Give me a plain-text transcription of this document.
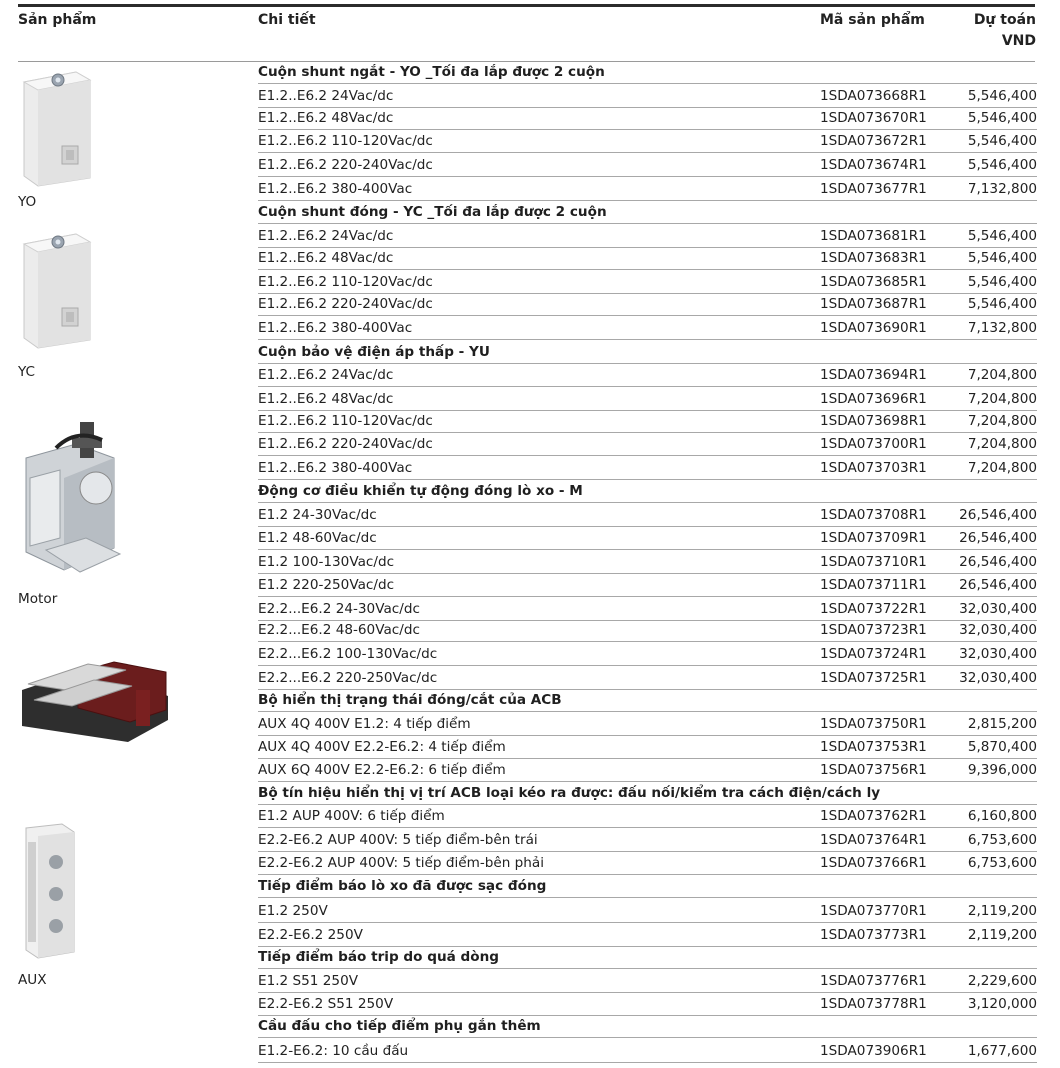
Sản phẩm	Chi tiết	Mã sản phẩm	Dự toán
VND
Cuộn shunt ngắt - YO _Tối đa lắp được 2 cuộn
E1.2..E6.2 24Vac/dc	1SDA073668R1	5,546,400
E1.2..E6.2 48Vac/dc	1SDA073670R1	5,546,400
E1.2..E6.2 110-120Vac/dc	1SDA073672R1	5,546,400
E1.2..E6.2 220-240Vac/dc	1SDA073674R1	5,546,400
E1.2..E6.2 380-400Vac	1SDA073677R1	7,132,800
Cuộn shunt đóng - YC _Tối đa lắp được 2 cuộn
E1.2..E6.2 24Vac/dc	1SDA073681R1	5,546,400
E1.2..E6.2 48Vac/dc	1SDA073683R1	5,546,400
E1.2..E6.2 110-120Vac/dc	1SDA073685R1	5,546,400
E1.2..E6.2 220-240Vac/dc	1SDA073687R1	5,546,400
E1.2..E6.2 380-400Vac	1SDA073690R1	7,132,800
Cuộn bảo vệ điện áp thấp - YU
E1.2..E6.2 24Vac/dc	1SDA073694R1	7,204,800
E1.2..E6.2 48Vac/dc	1SDA073696R1	7,204,800
E1.2..E6.2 110-120Vac/dc	1SDA073698R1	7,204,800
E1.2..E6.2 220-240Vac/dc	1SDA073700R1	7,204,800
E1.2..E6.2 380-400Vac	1SDA073703R1	7,204,800
Động cơ điều khiển tự động đóng lò xo - M
E1.2 24-30Vac/dc	1SDA073708R1 26,546,400
E1.2 48-60Vac/dc	1SDA073709R1 26,546,400
E1.2 100-130Vac/dc	1SDA073710R1 26,546,400
E1.2 220-250Vac/dc	1SDA073711R1 26,546,400
E2.2...E6.2 24-30Vac/dc	1SDA073722R1 32,030,400
E2.2...E6.2 48-60Vac/dc	1SDA073723R1 32,030,400
E2.2...E6.2 100-130Vac/dc	1SDA073724R1 32,030,400
E2.2...E6.2 220-250Vac/dc	1SDA073725R1 32,030,400
Bộ hiển thị trạng thái đóng/cắt của ACB
AUX 4Q 400V E1.2: 4 tiếp điểm	1SDA073750R1	2,815,200
AUX 4Q 400V E2.2-E6.2: 4 tiếp điểm	1SDA073753R1	5,870,400
AUX 6Q 400V E2.2-E6.2: 6 tiếp điểm	1SDA073756R1	9,396,000
Bộ tín hiệu hiển thị vị trí ACB loại kéo ra được: đấu nối/kiểm tra cách điện/cách ly
E1.2 AUP 400V: 6 tiếp điểm	1SDA073762R1	6,160,800
E2.2-E6.2 AUP 400V: 5 tiếp điểm-bên trái	1SDA073764R1	6,753,600
E2.2-E6.2 AUP 400V: 5 tiếp điểm-bên phải	1SDA073766R1	6,753,600
Tiếp điểm báo lò xo đã được sạc đóng
E1.2 250V	1SDA073770R1	2,119,200
E2.2-E6.2 250V	1SDA073773R1	2,119,200
Tiếp điểm báo trip do quá dòng
E1.2 S51 250V	1SDA073776R1	2,229,600
E2.2-E6.2 S51 250V	1SDA073778R1	3,120,000
Cầu đấu cho tiếp điểm phụ gắn thêm
E1.2-E6.2: 10 cầu đấu	1SDA073906R1	1,677,600
YO
YC
Motor
AUX
